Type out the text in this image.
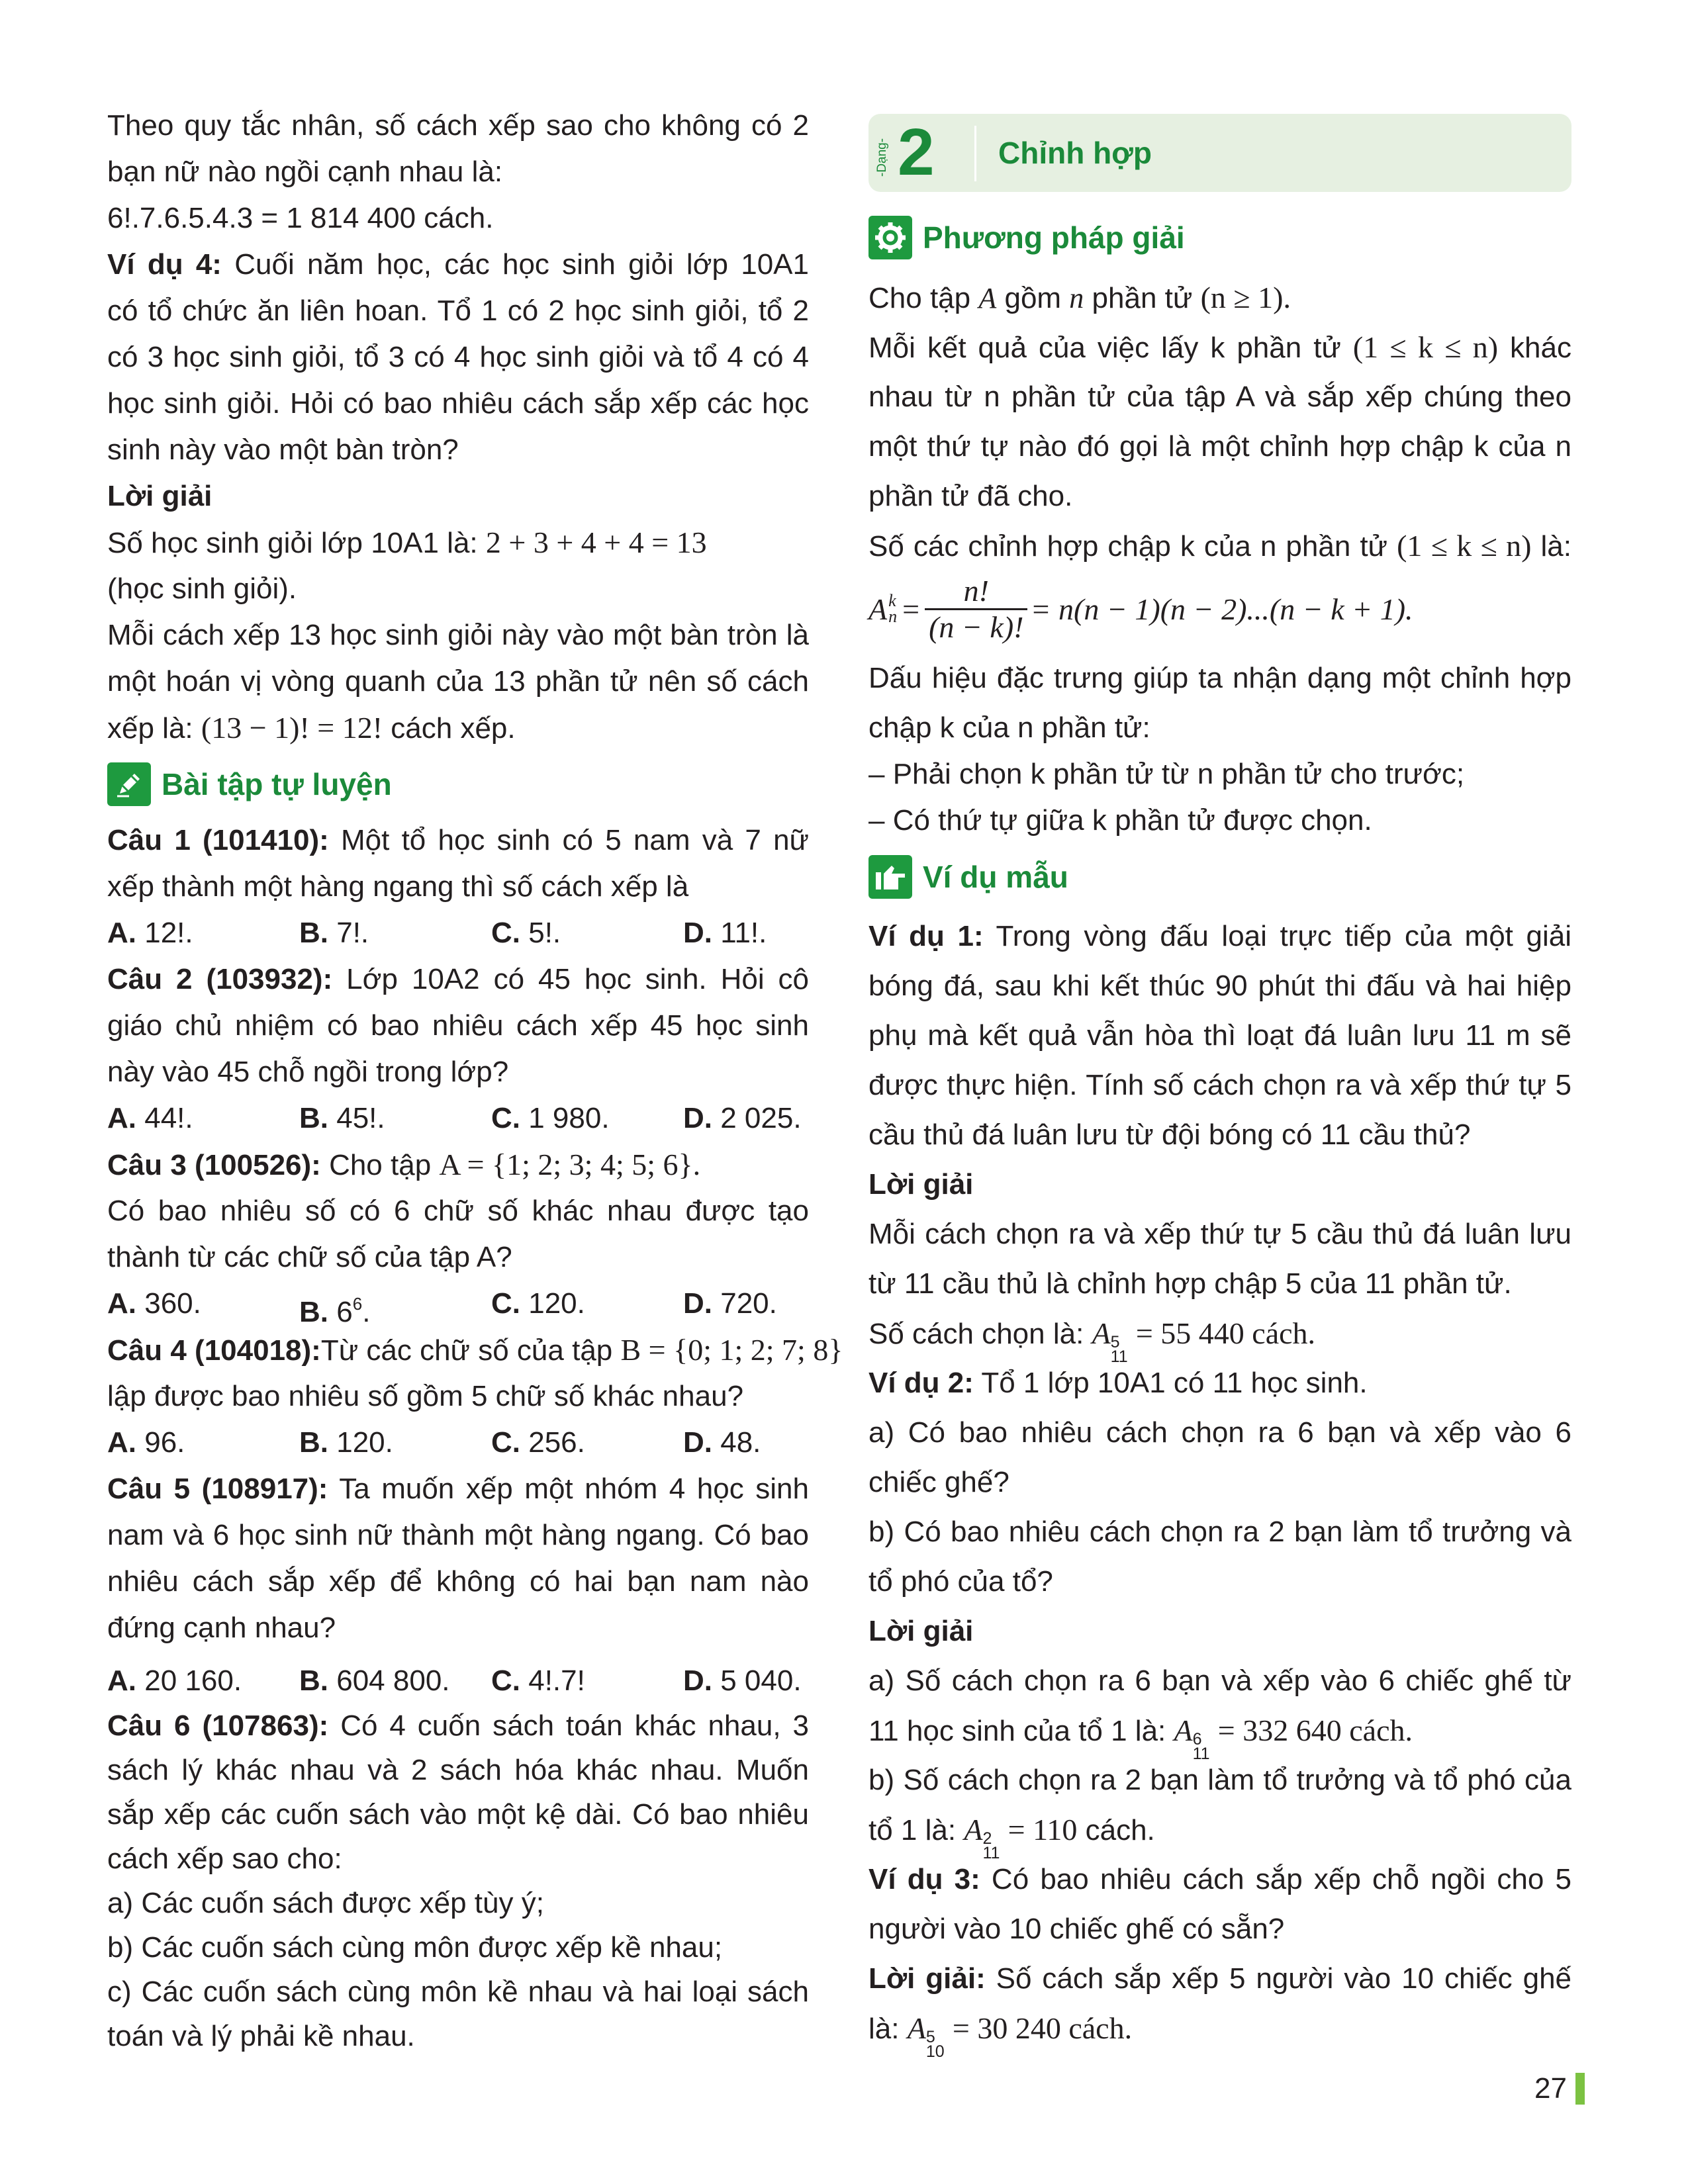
Theo quy tắc nhân, số cách xếp sao cho không có 2
bạn nữ nào ngồi cạnh nhau là:
6!.7.6.5.4.3 = 1 814 400 cách.
Ví dụ 4: Cuối năm học, các học sinh giỏi lớp 10A1
có tổ chức ăn liên hoan. Tổ 1 có 2 học sinh giỏi, tổ 2
có 3 học sinh giỏi, tổ 3 có 4 học sinh giỏi và tổ 4 có 4
học sinh giỏi. Hỏi có bao nhiêu cách sắp xếp các học
sinh này vào một bàn tròn?
Lời giải
Số học sinh giỏi lớp 10A1 là: 2 + 3 + 4 + 4 = 13
(học sinh giỏi).
Mỗi cách xếp 13 học sinh giỏi này vào một bàn tròn là
một hoán vị vòng quanh của 13 phần tử nên số cách
xếp là: (13 − 1)! = 12! cách xếp.
Bài tập tự luyện
Câu 1 (101410): Một tổ học sinh có 5 nam và 7 nữ
xếp thành một hàng ngang thì số cách xếp là
A. 12!.	B. 7!.	C. 5!.	D. 11!.
Câu 2 (103932): Lớp 10A2 có 45 học sinh. Hỏi cô
giáo chủ nhiệm có bao nhiêu cách xếp 45 học sinh
này vào 45 chỗ ngồi trong lớp?
A. 44!.	B. 45!.	C. 1 980.	D. 2 025.
Câu 3 (100526): Cho tập A = {1; 2; 3; 4; 5; 6}.
Có bao nhiêu số có 6 chữ số khác nhau được tạo
thành từ các chữ số của tập A?
A. 360.	B. $6^6$.	C. 120.	D. 720.
Câu 4 (104018):Từ các chữ số của tập B = {0; 1; 2; 7; 8}
lập được bao nhiêu số gồm 5 chữ số khác nhau?
A. 96.	B. 120.	C. 256.	D. 48.
Câu 5 (108917): Ta muốn xếp một nhóm 4 học sinh
nam và 6 học sinh nữ thành một hàng ngang. Có bao
nhiêu cách sắp xếp để không có hai bạn nam nào
đứng cạnh nhau?
A. 20 160. B. 604 800. C. 4!.7!	D. 5 040.
Câu 6 (107863): Có 4 cuốn sách toán khác nhau, 3
sách lý khác nhau và 2 sách hóa khác nhau. Muốn
sắp xếp các cuốn sách vào một kệ dài. Có bao nhiêu
cách xếp sao cho:
a) Các cuốn sách được xếp tùy ý;
b) Các cuốn sách cùng môn được xếp kề nhau;
c) Các cuốn sách cùng môn kề nhau và hai loại sách
toán và lý phải kề nhau.
-Dạng- 2 Chỉnh hợp
Phương pháp giải
Cho tập A gồm n phần tử (n ≥ 1).
Mỗi kết quả của việc lấy k phần tử (1 ≤ k ≤ n) khác
nhau từ n phần tử của tập A và sắp xếp chúng theo
một thứ tự nào đó gọi là một chỉnh hợp chập k của n
phần tử đã cho.
Số các chỉnh hợp chập k của n phần tử (1 ≤ k ≤ n) là:
A k
$n = \frac{n!}{(n - k)!} = n(n - 1)(n - 2)...(n - k + 1)$.
Dấu hiệu đặc trưng giúp ta nhận dạng một chỉnh hợp
chập k của n phần tử:
– Phải chọn k phần tử từ n phần tử cho trước;
– Có thứ tự giữa k phần tử được chọn.
Ví dụ mẫu
Ví dụ 1: Trong vòng đấu loại trực tiếp của một giải
bóng đá, sau khi kết thúc 90 phút thi đấu và hai hiệp
phụ mà kết quả vẫn hòa thì loạt đá luân lưu 11 m sẽ
được thực hiện. Tính số cách chọn ra và xếp thứ tự 5
cầu thủ đá luân lưu từ đội bóng có 11 cầu thủ?
Lời giải
Mỗi cách chọn ra và xếp thứ tự 5 cầu thủ đá luân lưu
từ 11 cầu thủ là chỉnh hợp chập 5 của 11 phần tử.
Số cách chọn là: A 5
11
= 55 440 cách.
Ví dụ 2: Tổ 1 lớp 10A1 có 11 học sinh.
a) Có bao nhiêu cách chọn ra 6 bạn và xếp vào 6
chiếc ghế?
b) Có bao nhiêu cách chọn ra 2 bạn làm tổ trưởng và
tổ phó của tổ?
Lời giải
a) Số cách chọn ra 6 bạn và xếp vào 6 chiếc ghế từ
11 học sinh của tổ 1 là: A 6
11
= 332 640 cách.
b) Số cách chọn ra 2 bạn làm tổ trưởng và tổ phó của
tổ 1 là: A 2
11
= 110 cách.
Ví dụ 3: Có bao nhiêu cách sắp xếp chỗ ngồi cho 5
người vào 10 chiếc ghế có sẵn?
Lời giải: Số cách sắp xếp 5 người vào 10 chiếc ghế
là: A 5
10
= 30 240 cách.
27
